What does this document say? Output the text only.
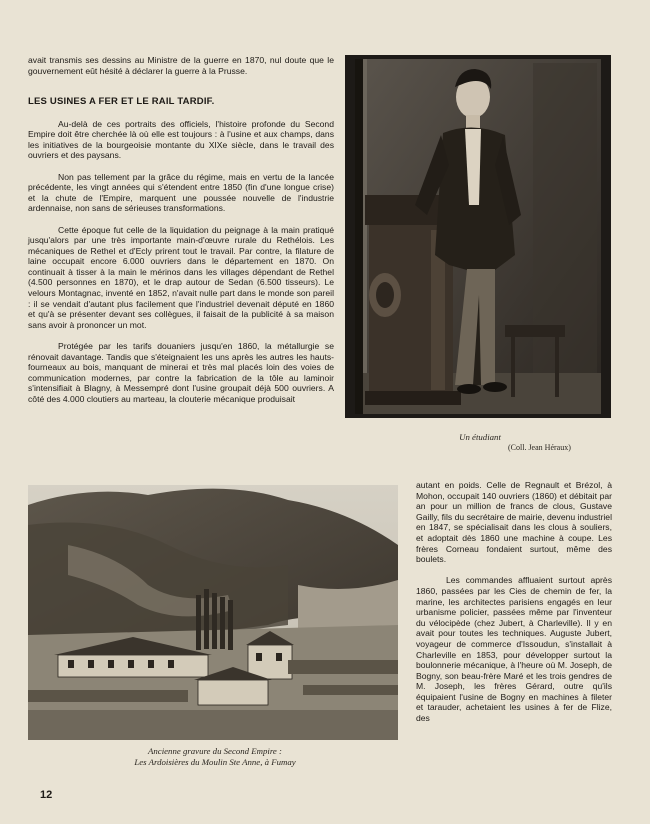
avait transmis ses dessins au Ministre de la guerre en 1870, nul doute que le gouvernement eût hésité à déclarer la guerre à la Prusse.

LES USINES A FER ET LE RAIL TARDIF.

Au-delà de ces portraits des officiels, l'histoire profonde du Second Empire doit être cherchée là où elle est toujours : à l'usine et aux champs, dans les initiatives de la bourgeoisie montante du XIXe siècle, dans le travail des ouvriers et des paysans.

Non pas tellement par la grâce du régime, mais en vertu de la lancée précédente, les vingt années qui s'étendent entre 1850 (fin d'une longue crise) et la chute de l'Empire, marquent une poussée nouvelle de l'industrie ardennaise, non sans de sérieuses transformations.

Cette époque fut celle de la liquidation du peignage à la main pratiqué jusqu'alors par une très importante main-d'œuvre rurale du Rethélois. Les mécaniques de Rethel et d'Ecly prirent tout le travail. Par contre, la filature de laine occupait encore 6.000 ouvriers dans le département en 1870. On continuait à tisser à la main le mérinos dans les villages dépendant de Rethel (4.500 personnes en 1870), et le drap autour de Sedan (6.500 tisseurs). Le velours Montagnac, inventé en 1852, n'avait nulle part dans le monde son pareil : il se vendait d'autant plus facilement que l'industriel devenait député en 1860 et qu'à se présenter devant ses collègues, il faisait de la publicité à sa maison sans avoir à prononcer un mot.

Protégée par les tarifs douaniers jusqu'en 1860, la métallurgie se rénovait davantage. Tandis que s'éteignaient les uns après les autres les hauts-fourneaux au bois, manquant de minerai et très mal placés loin des voies de communication modernes, par contre la fabrication de la tôle au laminoir s'intensifiait à Blagny, à Messempré dont l'usine groupait déjà 500 ouvriers. A côté des 4.000 cloutiers au marteau, la clouterie mécanique produisait

Un étudiant
(Coll. Jean Héraux)
Ancienne gravure du Second Empire :
Les Ardoisières du Moulin Ste Anne, à Fumay

autant en poids. Celle de Regnault et Brézol, à Mohon, occupait 140 ouvriers (1860) et débitait par an pour un million de francs de clous, Gustave Gailly, fils du secrétaire de mairie, devenu industriel en 1847, se spécialisait dans les clous à souliers, et adoptait dès 1860 une machine à coupe. Les frères Corneau fondaient surtout, même des boulets.

Les commandes affluaient surtout après 1860, passées par les Cies de chemin de fer, la marine, les architectes parisiens engagés en leur urbanisme policier, passées même par l'inventeur du vélocipède (chez Jubert, à Charleville). Il y en avait pour toutes les techniques. Auguste Jubert, voyageur de commerce d'Issoudun, s'installait à Charleville en 1853, pour développer surtout la boulonnerie mécanique, à l'heure où M. Joseph, de Bogny, son beau-frère Maré et les trois gendres de M. Joseph, les frères Gérard, outre qu'ils équipaient l'usine de Bogny en machines à fileter et tarauder, achetaient les usines à fer de Flize, des

12
